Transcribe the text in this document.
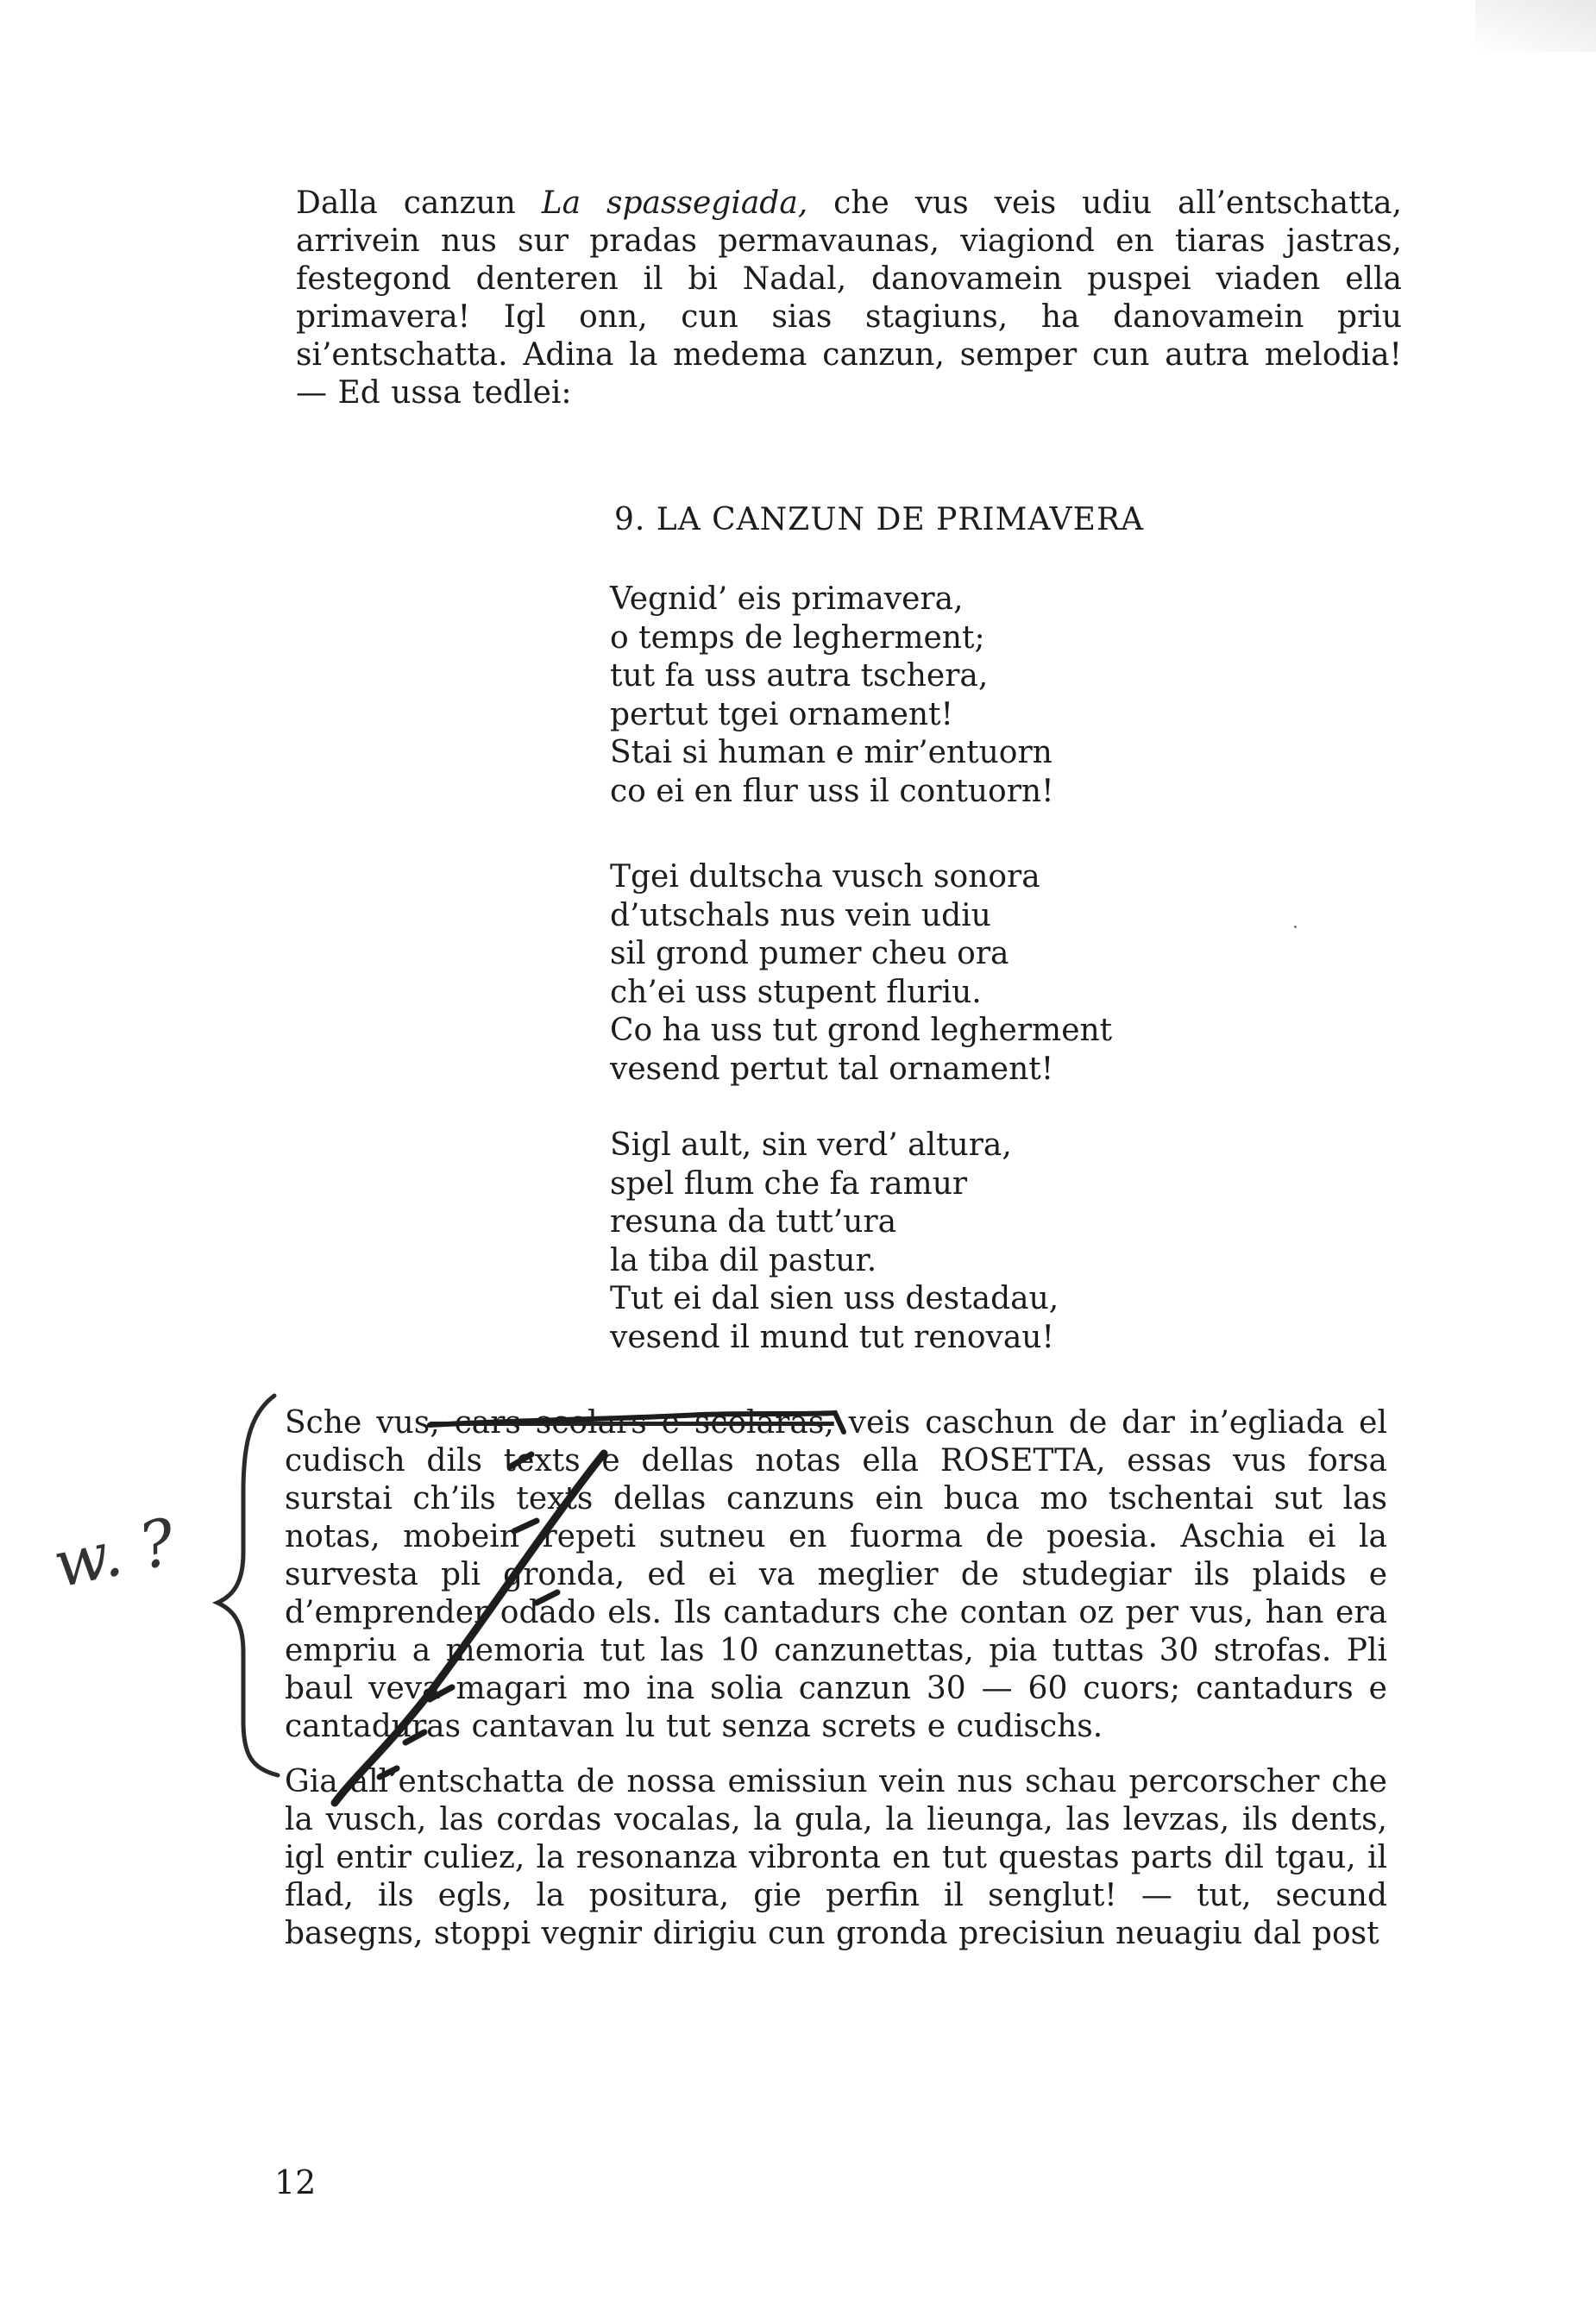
Dalla canzun La spassegiada, che vus veis udiu all’entschatta, arrivein nus sur pradas permavaunas, viagiond en tiaras jastras, festegond denteren il bi Nadal, danovamein puspei viaden ella primavera! Igl onn, cun sias stagiuns, ha danovamein priu si’entschatta. Adina la medema canzun, semper cun autra melodia! — Ed ussa tedlei:

9. LA CANZUN DE PRIMAVERA
Vegnid’ eis primavera,
o temps de legherment;
tut fa uss autra tschera,
pertut tgei ornament!
Stai si human e mir’entuorn
co ei en flur uss il contuorn!
Tgei dultscha vusch sonora
d’utschals nus vein udiu
sil grond pumer cheu ora
ch’ei uss stupent fluriu.
Co ha uss tut grond legherment
vesend pertut tal ornament!
Sigl ault, sin verd’ altura,
spel flum che fa ramur
resuna da tutt’ura
la tiba dil pastur.
Tut ei dal sien uss destadau,
vesend il mund tut renovau!

Sche vus, cars scolars e scolaras, veis caschun de dar in’egliada el cudisch dils texts e dellas notas ella ROSETTA, essas vus forsa surstai ch’ils texts dellas canzuns ein buca mo tschentai sut las notas, mobein repeti sutneu en fuorma de poesia. Aschia ei la survesta pli gronda, ed ei va meglier de studegiar ils plaids e d’emprender odado els. Ils cantadurs che contan oz per vus, han era empriu a memoria tut las 10 canzunettas, pia tuttas 30 strofas. Pli baul veva magari mo ina solia canzun 30 — 60 cuors; cantadurs e cantaduras cantavan lu tut senza screts e cudischs.

Gia all’entschatta de nossa emissiun vein nus schau percorscher che la vusch, las cordas vocalas, la gula, la lieunga, las levzas, ils dents, igl entir culiez, la resonanza vibronta en tut questas parts dil tgau, il flad, ils egls, la positura, gie perfin il senglut! — tut, secund basegns, stoppi vegnir dirigiu cun gronda precisiun neuagiu dal post

12

w. ?
